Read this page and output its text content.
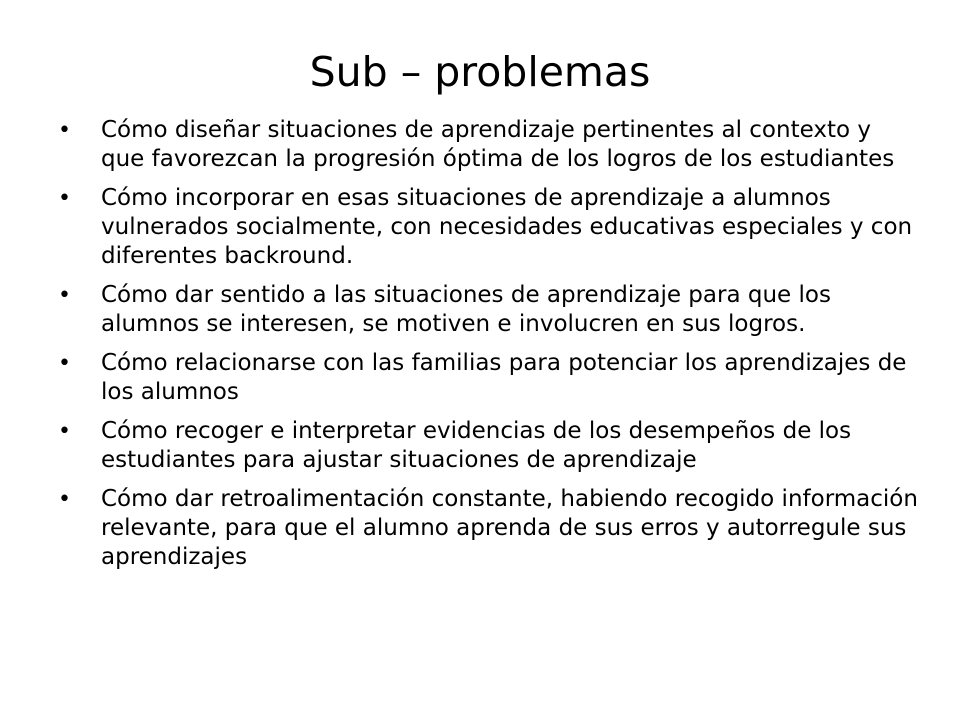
Sub – problemas
•	Cómo diseñar situaciones de aprendizaje pertinentes al contexto y que favorezcan la progresión óptima de los logros de los estudiantes
•	Cómo incorporar en esas situaciones de aprendizaje a alumnos vulnerados socialmente, con necesidades educativas especiales y con diferentes backround.
•	Cómo dar sentido a las situaciones de aprendizaje para que los alumnos se interesen, se motiven e involucren en sus logros.
•	Cómo relacionarse con las familias para potenciar los aprendizajes de los alumnos
•	Cómo recoger e interpretar evidencias de los desempeños de los estudiantes para ajustar situaciones de aprendizaje
•	Cómo dar retroalimentación constante, habiendo recogido información relevante, para que el alumno aprenda de sus erros y autorregule sus aprendizajes
